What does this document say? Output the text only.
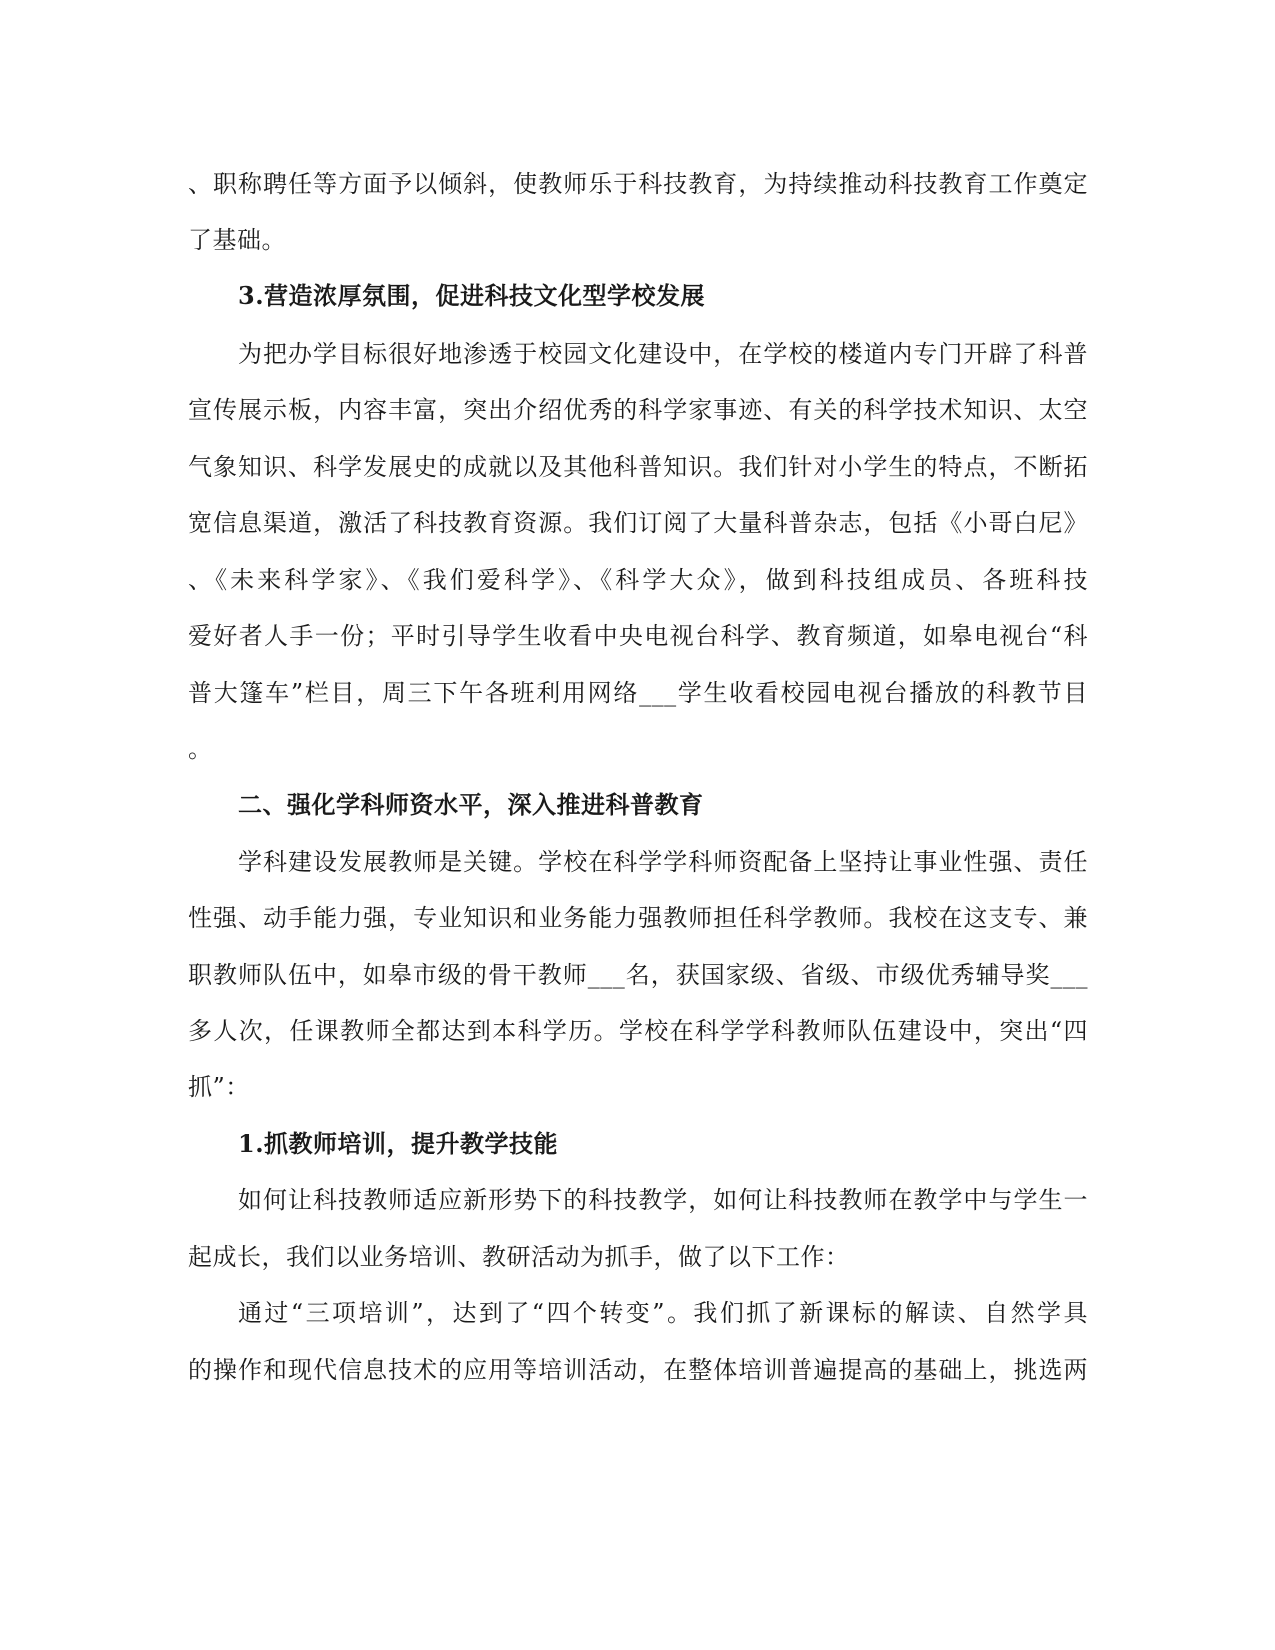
、职称聘任等方面予以倾斜，使教师乐于科技教育，为持续推动科技教育工作奠定
了基础。
3.营造浓厚氛围，促进科技文化型学校发展
为把办学目标很好地渗透于校园文化建设中，在学校的楼道内专门开辟了科普
宣传展示板，内容丰富，突出介绍优秀的科学家事迹、有关的科学技术知识、太空
气象知识、科学发展史的成就以及其他科普知识。我们针对小学生的特点，不断拓
宽信息渠道，激活了科技教育资源。我们订阅了大量科普杂志，包括《小哥白尼》
、《未来科学家》、《我们爱科学》、《科学大众》，做到科技组成员、各班科技
爱好者人手一份；平时引导学生收看中央电视台科学、教育频道，如皋电视台“科
普大篷车”栏目，周三下午各班利用网络___学生收看校园电视台播放的科教节目
。
二、强化学科师资水平，深入推进科普教育
学科建设发展教师是关键。学校在科学学科师资配备上坚持让事业性强、责任
性强、动手能力强，专业知识和业务能力强教师担任科学教师。我校在这支专、兼
职教师队伍中，如皋市级的骨干教师___名，获国家级、省级、市级优秀辅导奖___
多人次，任课教师全都达到本科学历。学校在科学学科教师队伍建设中，突出“四
抓”：
1.抓教师培训，提升教学技能
如何让科技教师适应新形势下的科技教学，如何让科技教师在教学中与学生一
起成长，我们以业务培训、教研活动为抓手，做了以下工作：
通过“三项培训”，达到了“四个转变”。我们抓了新课标的解读、自然学具
的操作和现代信息技术的应用等培训活动，在整体培训普遍提高的基础上，挑选两
